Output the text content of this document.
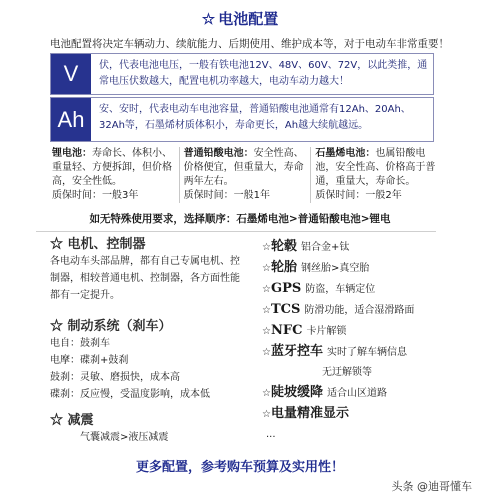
☆ 电池配置
电池配置将决定车辆动力、续航能力、后期使用、维护成本等，对于电动车非常重要！
V	伏，代表电池电压，一般有铁电池12V、48V、60V、72V，以此类推，通常电压伏数越大，配置电机功率越大，电动车动力越大！
Ah	安、安时，代表电动车电池容量，普通铅酸电池通常有12Ah、20Ah、32Ah等，石墨烯材质体积小，寿命更长，Ah越大续航越远。
锂电池：寿命长、体积小、重量轻、方便拆卸，但价格高，安全性低。
质保时间：一般3年
普通铅酸电池：安全性高、价格便宜，但重量大，寿命两年左右。
质保时间：一般1年
石墨烯电池：也属铅酸电池，安全性高、价格高于普通，重量大，寿命长。
质保时间：一般2年
如无特殊使用要求，选择顺序：石墨烯电池>普通铅酸电池>锂电
☆ 电机、控制器
各电动车头部品牌，都有自己专属电机、控制器，相较普通电机、控制器，各方面性能都有一定提升。
☆ 制动系统（刹车）
电自：鼓刹车
电摩：碟刹+鼓刹
鼓刹：灵敏、磨损快，成本高
碟刹：反应慢，受温度影响，成本低
☆ 减震
气囊减震>液压减震
☆轮毂 铝合金+钛
☆轮胎 钢丝胎>真空胎
☆GPS 防盗，车辆定位
☆TCS 防滑功能，适合湿滑路面
☆NFC 卡片解锁
☆蓝牙控车 实时了解车辆信息
无迂解锁等
☆陡坡缓降 适合山区道路
☆电量精准显示
...
更多配置，参考购车预算及实用性！
头条 @迪哥懂车
